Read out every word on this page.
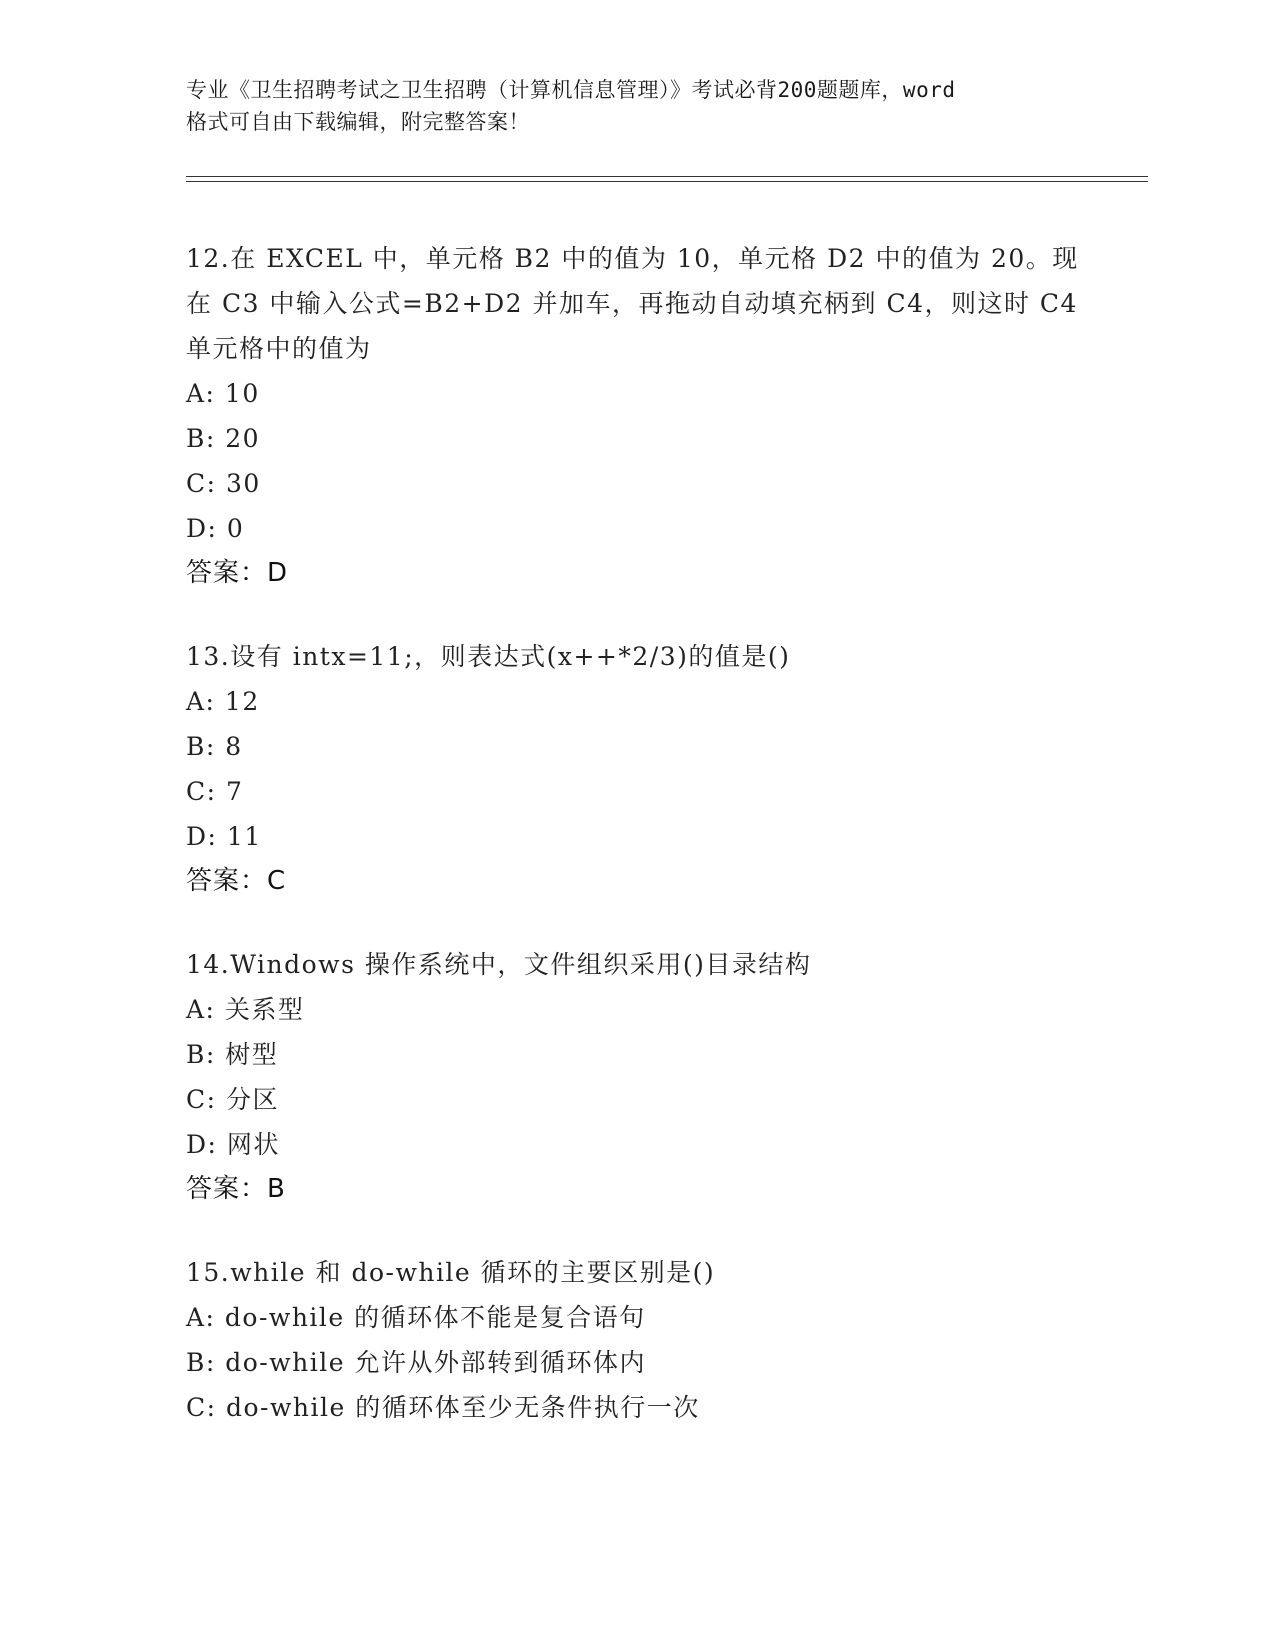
专业《卫生招聘考试之卫生招聘（计算机信息管理）》考试必背200题题库，word
格式可自由下载编辑，附完整答案！
12.在 EXCEL 中，单元格 B2 中的值为 10，单元格 D2 中的值为 20。现
在 C3 中输入公式=B2+D2 并加车，再拖动自动填充柄到 C4，则这时 C4
单元格中的值为
A: 10
B: 20
C: 30
D: 0
答案：D
13.设有 intx=11;，则表达式(x++*2/3)的值是()
A: 12
B: 8
C: 7
D: 11
答案：C
14.Windows 操作系统中，文件组织采用()目录结构
A: 关系型
B: 树型
C: 分区
D: 网状
答案：B
15.while 和 do-while 循环的主要区别是()
A: do-while 的循环体不能是复合语句
B: do-while 允许从外部转到循环体内
C: do-while 的循环体至少无条件执行一次
